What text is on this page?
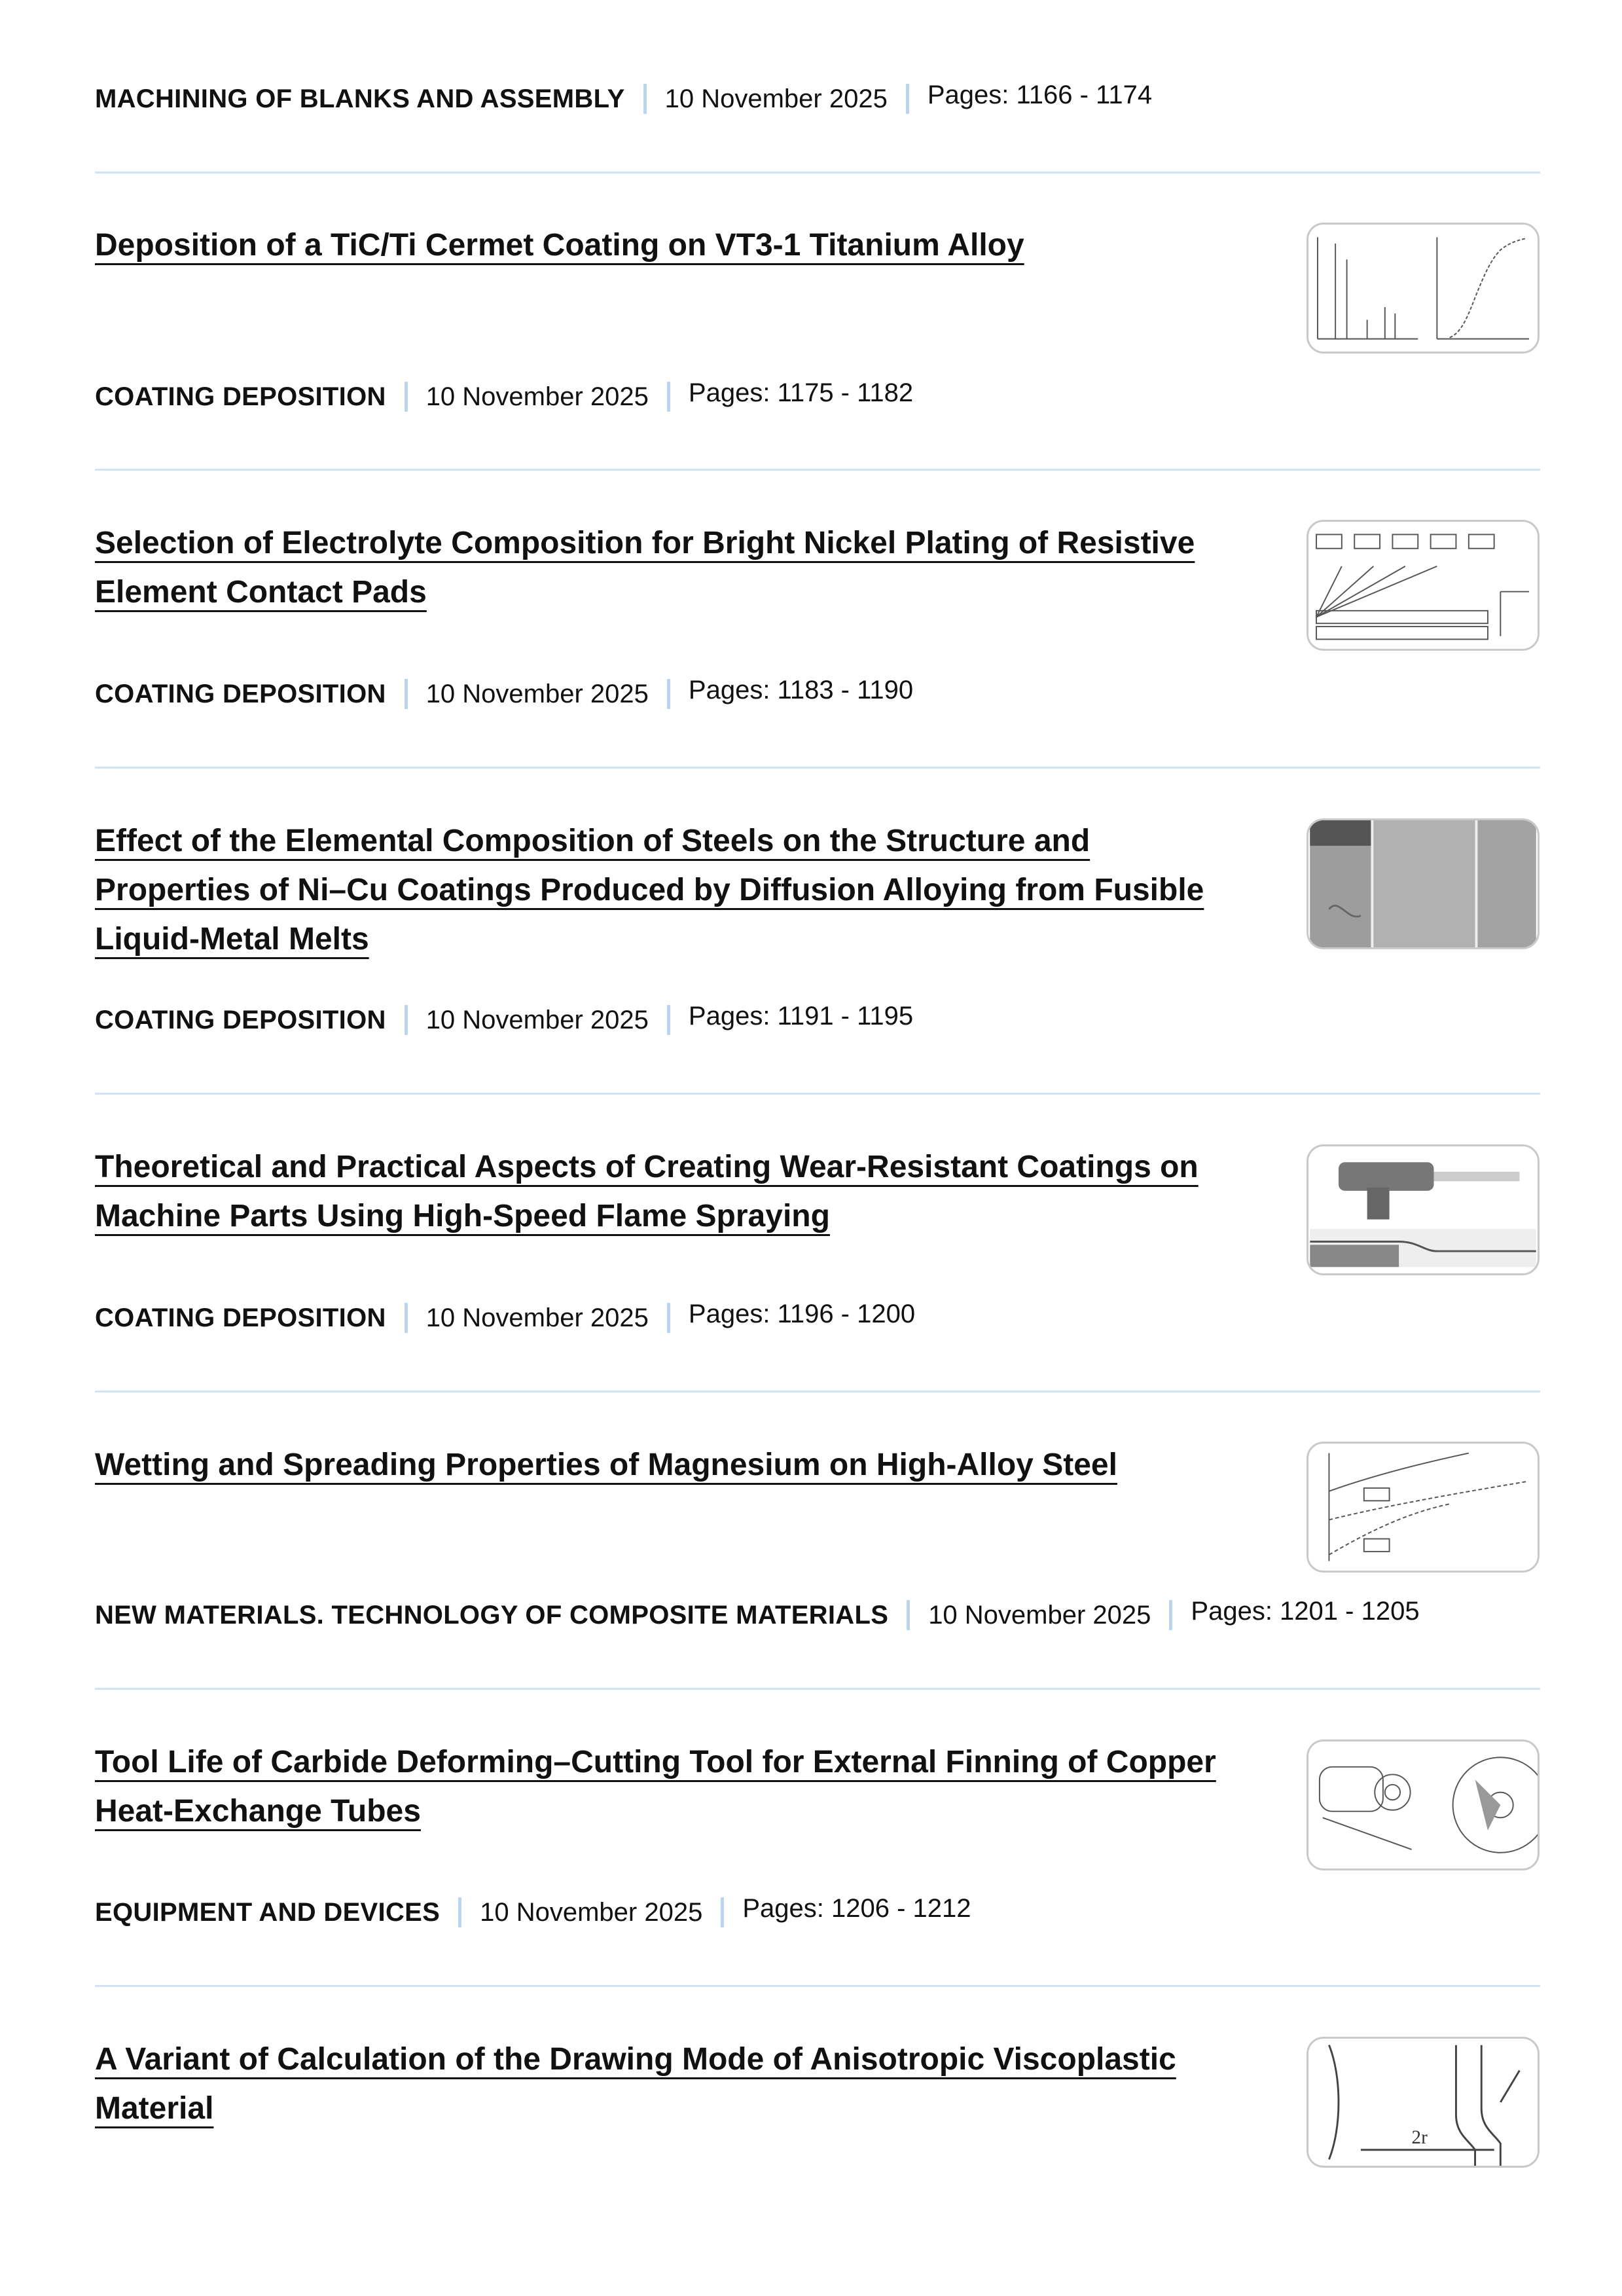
MACHINING OF BLANKS AND ASSEMBLY 10 November 2025 Pages: 1166 - 1174
Deposition of a TiC/Ti Cermet Coating on VT3-1 Titanium Alloy
COATING DEPOSITION 10 November 2025 Pages: 1175 - 1182
Selection of Electrolyte Composition for Bright Nickel Plating of Resistive Element Contact Pads
COATING DEPOSITION 10 November 2025 Pages: 1183 - 1190
Effect of the Elemental Composition of Steels on the Structure and Properties of Ni–Cu Coatings Produced by Diffusion Alloying from Fusible Liquid-Metal Melts
COATING DEPOSITION 10 November 2025 Pages: 1191 - 1195
Theoretical and Practical Aspects of Creating Wear-Resistant Coatings on Machine Parts Using High-Speed Flame Spraying
COATING DEPOSITION 10 November 2025 Pages: 1196 - 1200
Wetting and Spreading Properties of Magnesium on High-Alloy Steel
NEW MATERIALS. TECHNOLOGY OF COMPOSITE MATERIALS 10 November 2025 Pages: 1201 - 1205
Tool Life of Carbide Deforming–Cutting Tool for External Finning of Copper Heat-Exchange Tubes
EQUIPMENT AND DEVICES 10 November 2025 Pages: 1206 - 1212
A Variant of Calculation of the Drawing Mode of Anisotropic Viscoplastic Material
2r
